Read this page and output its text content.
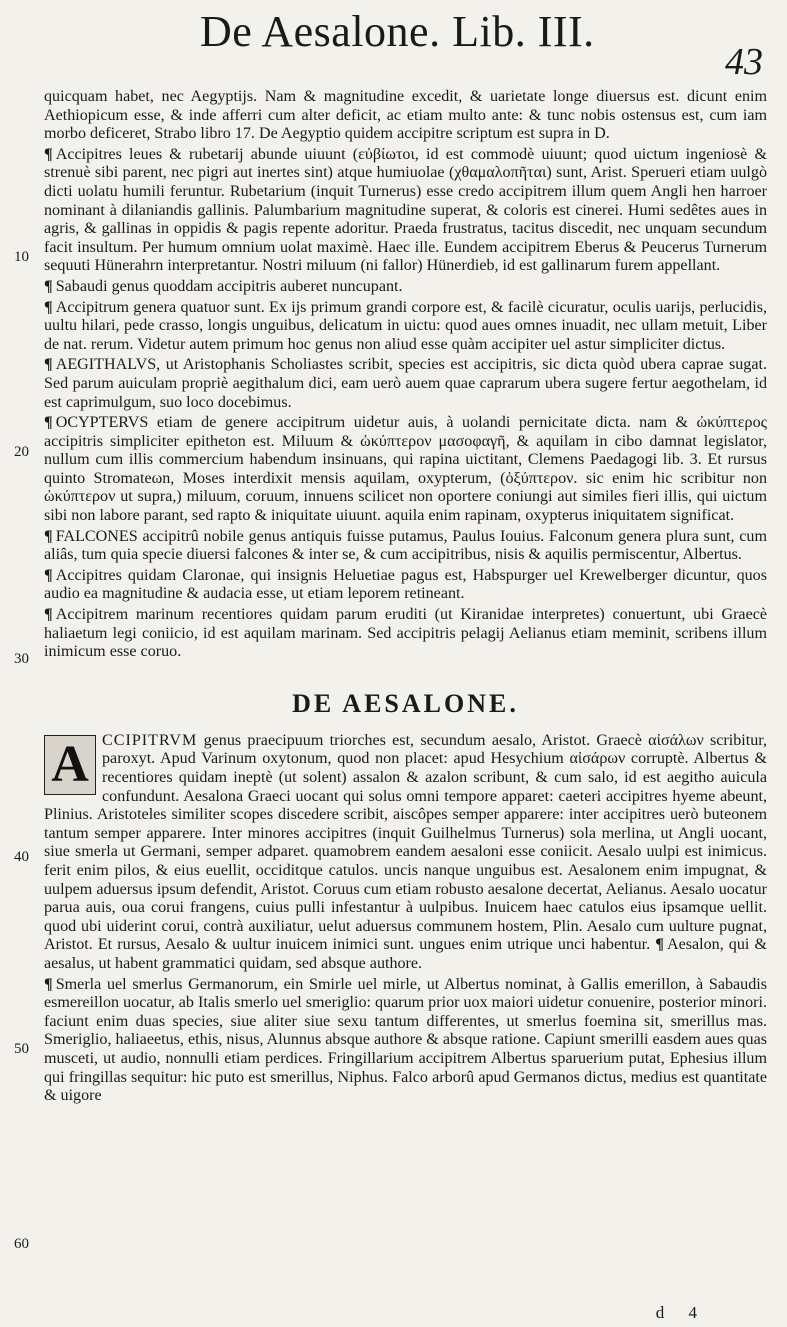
De Aesalone. Lib. III.
43
10
20
30
40
50
60

quicquam habet, nec Aegyptijs. Nam & magnitudine excedit, & uarietate longe diuersus est. dicunt enim Aethiopicum esse, & inde afferri cum alter deficit, ac etiam multo ante: & tunc nobis ostensus est, cum iam morbo deficeret, Strabo libro 17. De Aegyptio quidem accipitre scriptum est supra in D.

¶ Accipitres leues & rubetarij abunde uiuunt (εὐβίωτοι, id est commodè uiuunt; quod uictum ingeniosè & strenuè sibi parent, nec pigri aut inertes sint) atque humiuolae (χθαμαλοπῆται) sunt, Arist. Sperueri etiam uulgò dicti uolatu humili feruntur. Rubetarium (inquit Turnerus) esse credo accipitrem illum quem Angli hen harroer nominant à dilaniandis gallinis. Palumbarium magnitudine superat, & coloris est cinerei. Humi sedêtes aues in agris, & gallinas in oppidis & pagis repente adoritur. Praeda frustratus, tacitus discedit, nec unquam secundum facit insultum. Per humum omnium uolat maximè. Haec ille. Eundem accipitrem Eberus & Peucerus Turnerum sequuti Hünerahrn interpretantur. Nostri miluum (ni fallor) Hünerdieb, id est gallinarum furem appellant.

¶ Sabaudi genus quoddam accipitris auberet nuncupant.

¶ Accipitrum genera quatuor sunt. Ex ijs primum grandi corpore est, & facilè cicuratur, oculis uarijs, perlucidis, uultu hilari, pede crasso, longis unguibus, delicatum in uictu: quod aues omnes inuadit, nec ullam metuit, Liber de nat. rerum. Videtur autem primum hoc genus non aliud esse quàm accipiter uel astur simpliciter dictus.

¶ AEGITHALVS, ut Aristophanis Scholiastes scribit, species est accipitris, sic dicta quòd ubera caprae sugat. Sed parum auiculam propriè aegithalum dici, eam uerò auem quae caprarum ubera sugere fertur aegothelam, id est caprimulgum, suo loco docebimus.

¶ OCYPTERVS etiam de genere accipitrum uidetur auis, à uolandi pernicitate dicta. nam & ὠκύπτερος accipitris simpliciter epitheton est. Miluum & ὠκύπτερον μασοφαγῆ, & aquilam in cibo damnat legislator, nullum cum illis commercium habendum insinuans, qui rapina uictitant, Clemens Paedagogi lib. 3. Et rursus quinto Stromateωn, Moses interdixit mensis aquilam, oxypterum, (ὀξύπτερον. sic enim hic scribitur non ὠκύπτερον ut supra,) miluum, coruum, innuens scilicet non oportere coniungi aut similes fieri illis, qui uictum sibi non labore parant, sed rapto & iniquitate uiuunt. aquila enim rapinam, oxypterus iniquitatem significat.

¶ FALCONES accipitrû nobile genus antiquis fuisse putamus, Paulus Iouius. Falconum genera plura sunt, cum aliâs, tum quia specie diuersi falcones & inter se, & cum accipitribus, nisis & aquilis permiscentur, Albertus.

¶ Accipitres quidam Claronae, qui insignis Heluetiae pagus est, Habspurger uel Krewelberger dicuntur, quos audio ea magnitudine & audacia esse, ut etiam leporem retineant.

¶ Accipitrem marinum recentiores quidam parum eruditi (ut Kiranidae interpretes) conuertunt, ubi Graecè haliaetum legi coniicio, id est aquilam marinam. Sed accipitris pelagij Aelianus etiam meminit, scribens illum inimicum esse coruo.

DE AESALONE.

A CCIPITRVM genus praecipuum triorches est, secundum aesalo, Aristot. Graecè αἰσάλων scribitur, paroxyt. Apud Varinum oxytonum, quod non placet: apud Hesychium αἰσάρων corruptè. Albertus & recentiores quidam ineptè (ut solent) assalon & azalon scribunt, & cum salo, id est aegitho auicula confundunt. Aesalona Graeci uocant qui solus omni tempore apparet: caeteri accipitres hyeme abeunt, Plinius. Aristoteles similiter scopes discedere scribit, aiscôpes semper apparere: inter accipitres uerò buteonem tantum semper apparere. Inter minores accipitres (inquit Guilhelmus Turnerus) sola merlina, ut Angli uocant, siue smerla ut Germani, semper adparet. quamobrem eandem aesaloni esse coniicit. Aesalo uulpi est inimicus. ferit enim pilos, & eius euellit, occiditque catulos. uncis nanque unguibus est. Aesalonem enim impugnat, & uulpem aduersus ipsum defendit, Aristot. Coruus cum etiam robusto aesalone decertat, Aelianus. Aesalo uocatur parua auis, oua corui frangens, cuius pulli infestantur à uulpibus. Inuicem haec catulos eius ipsamque uellit. quod ubi uiderint corui, contrà auxiliatur, uelut aduersus communem hostem, Plin. Aesalo cum uulture pugnat, Aristot. Et rursus, Aesalo & uultur inuicem inimici sunt. ungues enim utrique unci habentur. ¶ Aesalon, qui & aesalus, ut habent grammatici quidam, sed absque authore.

¶ Smerla uel smerlus Germanorum, ein Smirle uel mirle, ut Albertus nominat, à Gallis emerillon, à Sabaudis esmereillon uocatur, ab Italis smerlo uel smeriglio: quarum prior uox maiori uidetur conuenire, posterior minori. faciunt enim duas species, siue aliter siue sexu tantum differentes, ut smerlus foemina sit, smerillus mas. Smeriglio, haliaeetus, ethis, nisus, Alunnus absque authore & absque ratione. Capiunt smerilli easdem aues quas musceti, ut audio, nonnulli etiam perdices. Fringillarium accipitrem Albertus sparuerium putat, Ephesius illum qui fringillas sequitur: hic puto est smerillus, Niphus. Falco arborû apud Germanos dictus, medius est quantitate & uigore

d 4
